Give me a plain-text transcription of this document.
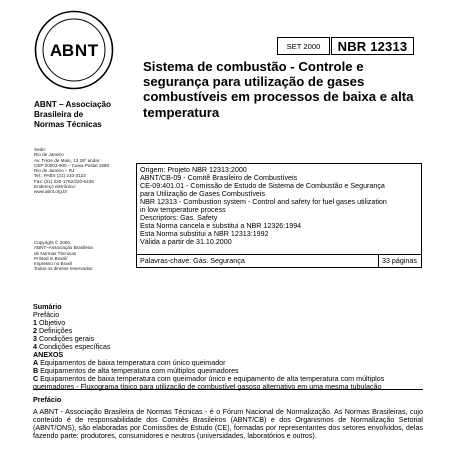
A B N T
ABNT – Associação
Brasileira de
Normas Técnicas
Sede:
Rio de Janeiro
Av. Treze de Maio, 13 28º andar
CEP 20003-900 – Caixa Postal 1680
Rio de Janeiro – RJ
Tel.: PABX (21) 210-3122
Fax: (21) 220-1762/220-6436
Endereço eletrônico:
www.abnt.org.br
Copyright © 2000,
ABNT–Associação Brasileira
de Normas Técnicas
Printed in Brazil/
Impresso no Brasil
Todos os direitos reservados
SET 2000	NBR 12313
Sistema de combustão - Controle e segurança para utilização de gases combustíveis em processos de baixa e alta temperatura
Origem: Projeto NBR 12313:2000
ABNT/CB-09 - Comitê Brasileiro de Combustíveis
CE-09:401.01 - Comissão de Estudo de Sistema de Combustão e Segurança
para Utilização de Gases Combustíveis
NBR 12313 - Combustion system - Control and safety for fuel gases utilization
in low temperature process
Descriptors: Gas. Safety
Esta Norma cancela e substitui a NBR 12326:1994
Esta Norma substitui a NBR 12313:1992
Válida a partir de 31.10.2000
Palavras-chave: Gás. Segurança	33 páginas
Sumário
Prefácio
1 Objetivo
2 Definições
3 Condições gerais
4 Condições específicas
ANEXOS
A Equipamentos de baixa temperatura com único queimador
B Equipamentos de alta temperatura com múltiplos queimadores
C Equipamentos de baixa temperatura com queimador único e equipamento de alta temperatura com múltiplos queimadores - Fluxograma típico para utilização de combustível gasoso alternativo em uma mesma tubulação

Prefácio

A ABNT - Associação Brasileira de Normas Técnicas - é o Fórum Nacional de Normalização. As Normas Brasileiras, cujo conteúdo é de responsabilidade dos Comitês Brasileiros (ABNT/CB) e dos Organismos de Normalização Setorial (ABNT/ONS), são elaboradas por Comissões de Estudo (CE), formadas por representantes dos setores envolvidos, delas fazendo parte: produtores, consumidores e neutros (universidades, laboratórios e outros).
